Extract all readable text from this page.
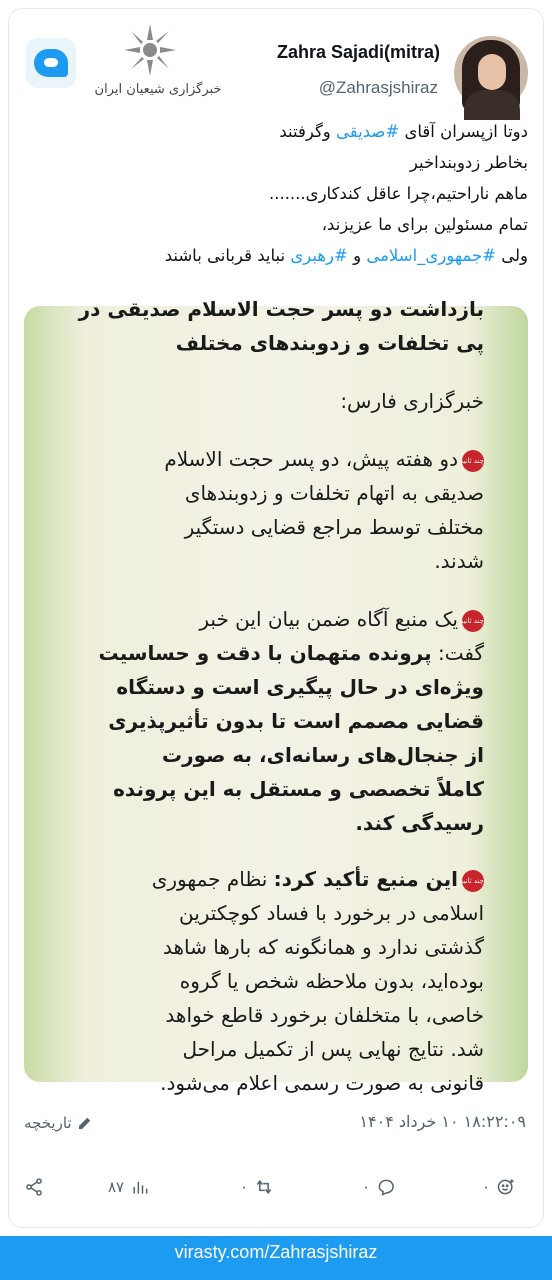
خبرگزاری شیعیان ایران
Zahra Sajadi(mitra)
@Zahrasjshiraz
دوتا ازپسران آقای #صدیقی وگرفتند
بخاطر زدوبنداخیر
ماهم ناراحتیم،چرا عاقل کندکاری.......
تمام مسئولین برای ما عزیزند،
ولی #جمهوری_اسلامی و #رهبری نباید قربانی باشند
بازداشت دو پسر حجت الاسلام صدیقی در
پی تخلفات و زدوبندهای مختلف
خبرگزاری فارس:
چند ثانیهدو هفته پیش، دو پسر حجت الاسلام
صدیقی به اتهام تخلفات و زدوبندهای
مختلف توسط مراجع قضایی دستگیر
شدند.
چند ثانیهیک منبع آگاه ضمن بیان این خبر
گفت: پرونده متهمان با دقت و حساسیت
ویژه‌ای در حال پیگیری است و دستگاه
قضایی مصمم است تا بدون تأثیرپذیری
از جنجال‌های رسانه‌ای، به صورت
کاملاً تخصصی و مستقل به این پرونده
رسیدگی کند.
چند ثانیهاین منبع تأکید کرد: نظام جمهوری
اسلامی در برخورد با فساد کوچکترین
گذشتی ندارد و همانگونه که بارها شاهد
بوده‌اید، بدون ملاحظه شخص یا گروه
خاصی، با متخلفان برخورد قاطع خواهد
شد. نتایج نهایی پس از تکمیل مراحل
قانونی به صورت رسمی اعلام می‌شود.
تاریخچه	۱۸:۲۲:۰۹ ۱۰ خرداد ۱۴۰۴
۸۷	۰	۰	۰
virasty.com/Zahrasjshiraz
